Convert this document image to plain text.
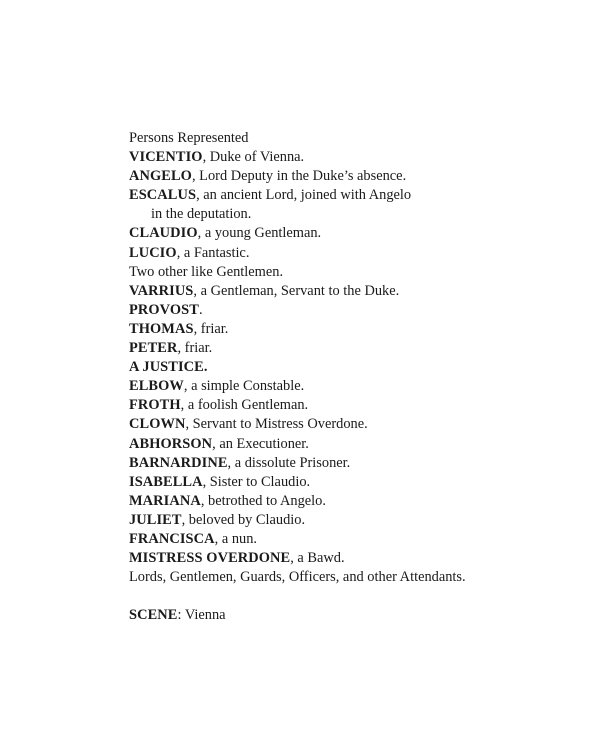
Persons Represented
VICENTIO, Duke of Vienna.
ANGELO, Lord Deputy in the Duke’s absence.
ESCALUS, an ancient Lord, joined with Angelo
in the deputation.
CLAUDIO, a young Gentleman.
LUCIO, a Fantastic.
Two other like Gentlemen.
VARRIUS, a Gentleman, Servant to the Duke.
PROVOST.
THOMAS, friar.
PETER, friar.
A JUSTICE.
ELBOW, a simple Constable.
FROTH, a foolish Gentleman.
CLOWN, Servant to Mistress Overdone.
ABHORSON, an Executioner.
BARNARDINE, a dissolute Prisoner.
ISABELLA, Sister to Claudio.
MARIANA, betrothed to Angelo.
JULIET, beloved by Claudio.
FRANCISCA, a nun.
MISTRESS OVERDONE, a Bawd.
Lords, Gentlemen, Guards, Officers, and other Attendants.
SCENE: Vienna
